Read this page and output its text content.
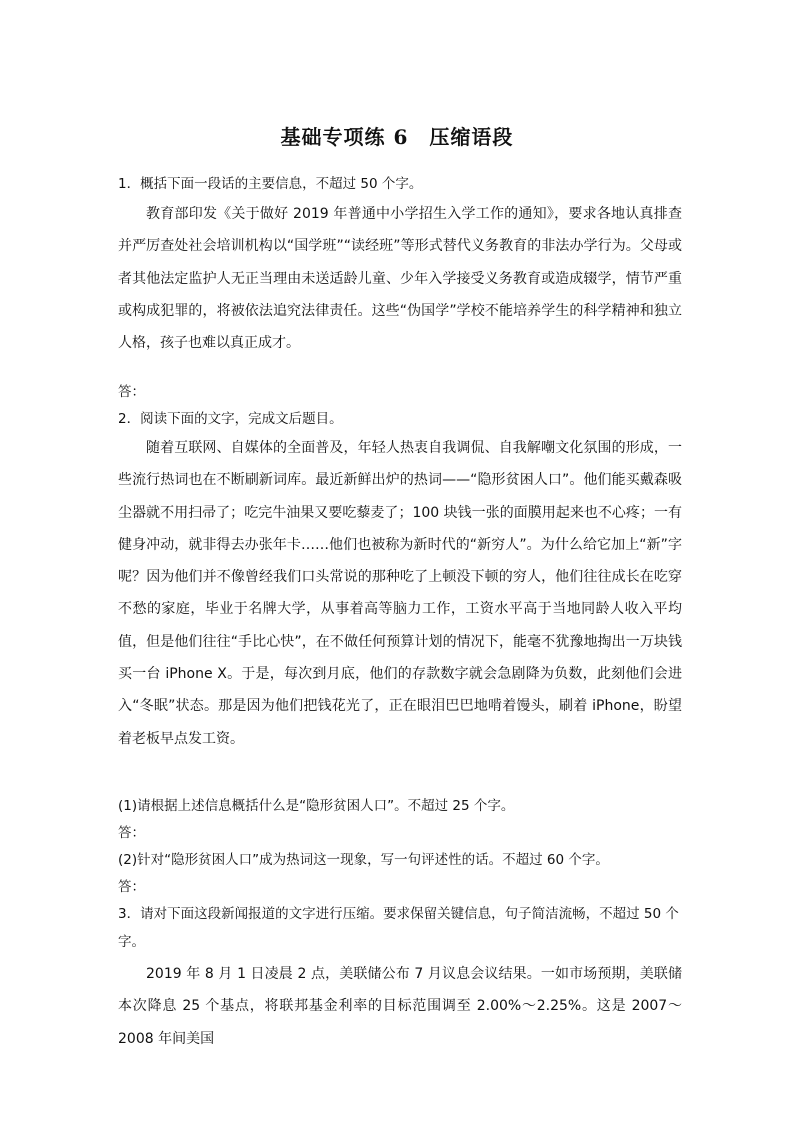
基础专项练 6　压缩语段
1．概括下面一段话的主要信息，不超过 50 个字。
教育部印发《关于做好 2019 年普通中小学招生入学工作的通知》，要求各地认真排查并严厉查处社会培训机构以“国学班”“读经班”等形式替代义务教育的非法办学行为。父母或者其他法定监护人无正当理由未送适龄儿童、少年入学接受义务教育或造成辍学，情节严重或构成犯罪的，将被依法追究法律责任。这些“伪国学”学校不能培养学生的科学精神和独立人格，孩子也难以真正成才。
答：
2．阅读下面的文字，完成文后题目。
随着互联网、自媒体的全面普及，年轻人热衷自我调侃、自我解嘲文化氛围的形成，一些流行热词也在不断刷新词库。最近新鲜出炉的热词——“隐形贫困人口”。他们能买戴森吸尘器就不用扫帚了；吃完牛油果又要吃藜麦了；100 块钱一张的面膜用起来也不心疼；一有健身冲动，就非得去办张年卡……他们也被称为新时代的“新穷人”。为什么给它加上“新”字呢？因为他们并不像曾经我们口头常说的那种吃了上顿没下顿的穷人，他们往往成长在吃穿不愁的家庭，毕业于名牌大学，从事着高等脑力工作，工资水平高于当地同龄人收入平均值，但是他们往往“手比心快”，在不做任何预算计划的情况下，能毫不犹豫地掏出一万块钱买一台 iPhone X。于是，每次到月底，他们的存款数字就会急剧降为负数，此刻他们会进入“冬眠”状态。那是因为他们把钱花光了，正在眼泪巴巴地啃着馒头，刷着 iPhone，盼望着老板早点发工资。
(1)请根据上述信息概括什么是“隐形贫困人口”。不超过 25 个字。
答：
(2)针对“隐形贫困人口”成为热词这一现象，写一句评述性的话。不超过 60 个字。
答：
3．请对下面这段新闻报道的文字进行压缩。要求保留关键信息，句子简洁流畅，不超过 50 个字。
2019 年 8 月 1 日凌晨 2 点，美联储公布 7 月议息会议结果。一如市场预期，美联储本次降息 25 个基点，将联邦基金利率的目标范围调至 2.00%～2.25%。这是 2007～2008 年间美国
